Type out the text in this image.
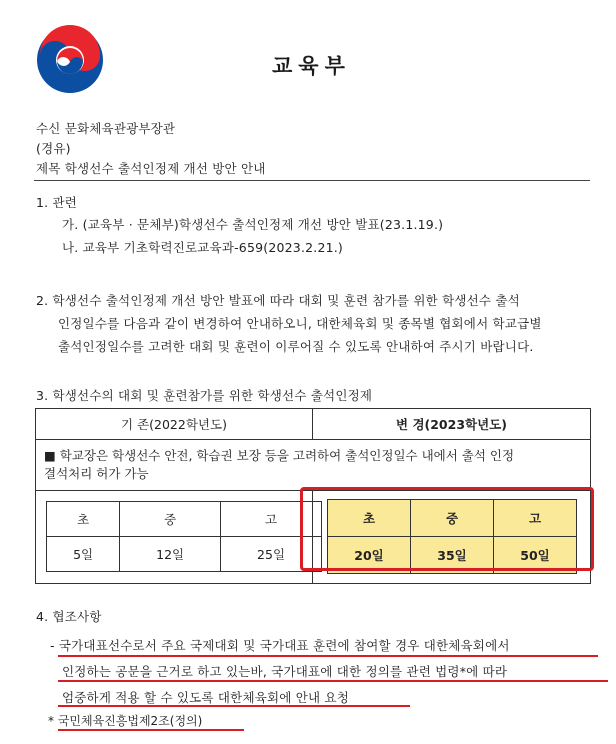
교육부
수신 문화체육관광부장관
(경유)
제목 학생선수 출석인정제 개선 방안 안내
1. 관련
가. (교육부 · 문체부)학생선수 출석인정제 개선 방안 발표(23.1.19.)
나. 교육부 기초학력진로교육과-659(2023.2.21.)
2. 학생선수 출석인정제 개선 방안 발표에 따라 대회 및 훈련 참가를 위한 학생선수 출석
인정일수를 다음과 같이 변경하여 안내하오니, 대한체육회 및 종목별 협회에서 학교급별
출석인정일수를 고려한 대회 및 훈련이 이루어질 수 있도록 안내하여 주시기 바랍니다.
3. 학생선수의 대회 및 훈련참가를 위한 학생선수 출석인정제
기 존(2022학년도)	변 경(2023학년도)

■ 학교장은 학생선수 안전, 학습권 보장 등을 고려하여 출석인정일수 내에서 출석 인정
결석처리 허가 가능

초	중	고
5일	12일	25일

초	중	고
20일	35일	50일
4. 협조사항
- 국가대표선수로서 주요 국제대회 및 국가대표 훈련에 참여할 경우 대한체육회에서
인정하는 공문을 근거로 하고 있는바, 국가대표에 대한 정의를 관련 법령*에 따라
엄중하게 적용 할 수 있도록 대한체육회에 안내 요청
* 국민체육진흥법제2조(정의)
